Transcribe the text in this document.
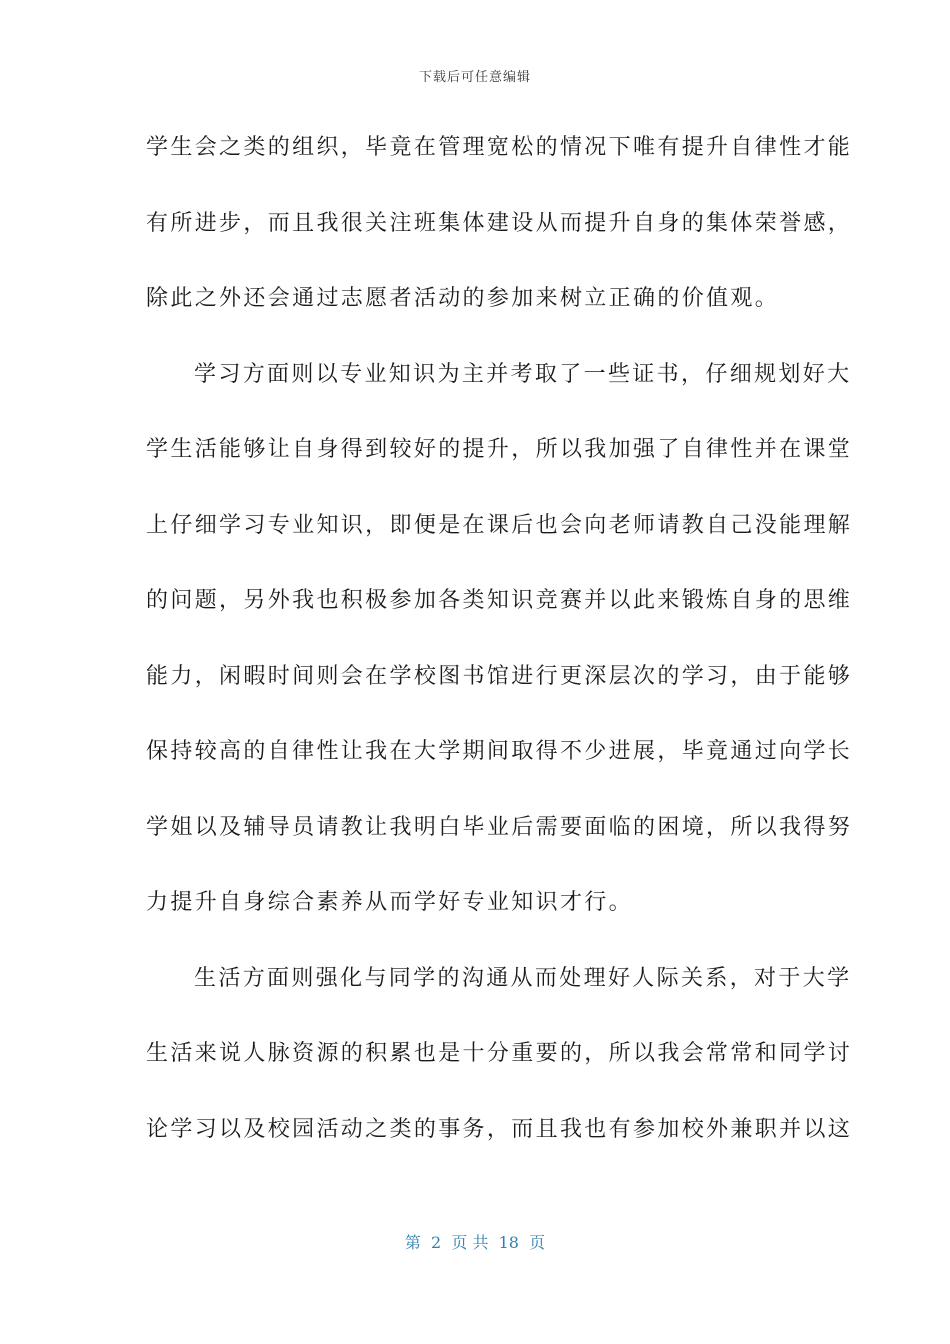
下载后可任意编辑
学生会之类的组织，毕竟在管理宽松的情况下唯有提升自律性才能
有所进步，而且我很关注班集体建设从而提升自身的集体荣誉感，
除此之外还会通过志愿者活动的参加来树立正确的价值观。
学习方面则以专业知识为主并考取了一些证书，仔细规划好大
学生活能够让自身得到较好的提升，所以我加强了自律性并在课堂
上仔细学习专业知识，即便是在课后也会向老师请教自己没能理解
的问题，另外我也积极参加各类知识竞赛并以此来锻炼自身的思维
能力，闲暇时间则会在学校图书馆进行更深层次的学习，由于能够
保持较高的自律性让我在大学期间取得不少进展，毕竟通过向学长
学姐以及辅导员请教让我明白毕业后需要面临的困境，所以我得努
力提升自身综合素养从而学好专业知识才行。
生活方面则强化与同学的沟通从而处理好人际关系，对于大学
生活来说人脉资源的积累也是十分重要的，所以我会常常和同学讨
论学习以及校园活动之类的事务，而且我也有参加校外兼职并以这
第  2  页 共  18  页
